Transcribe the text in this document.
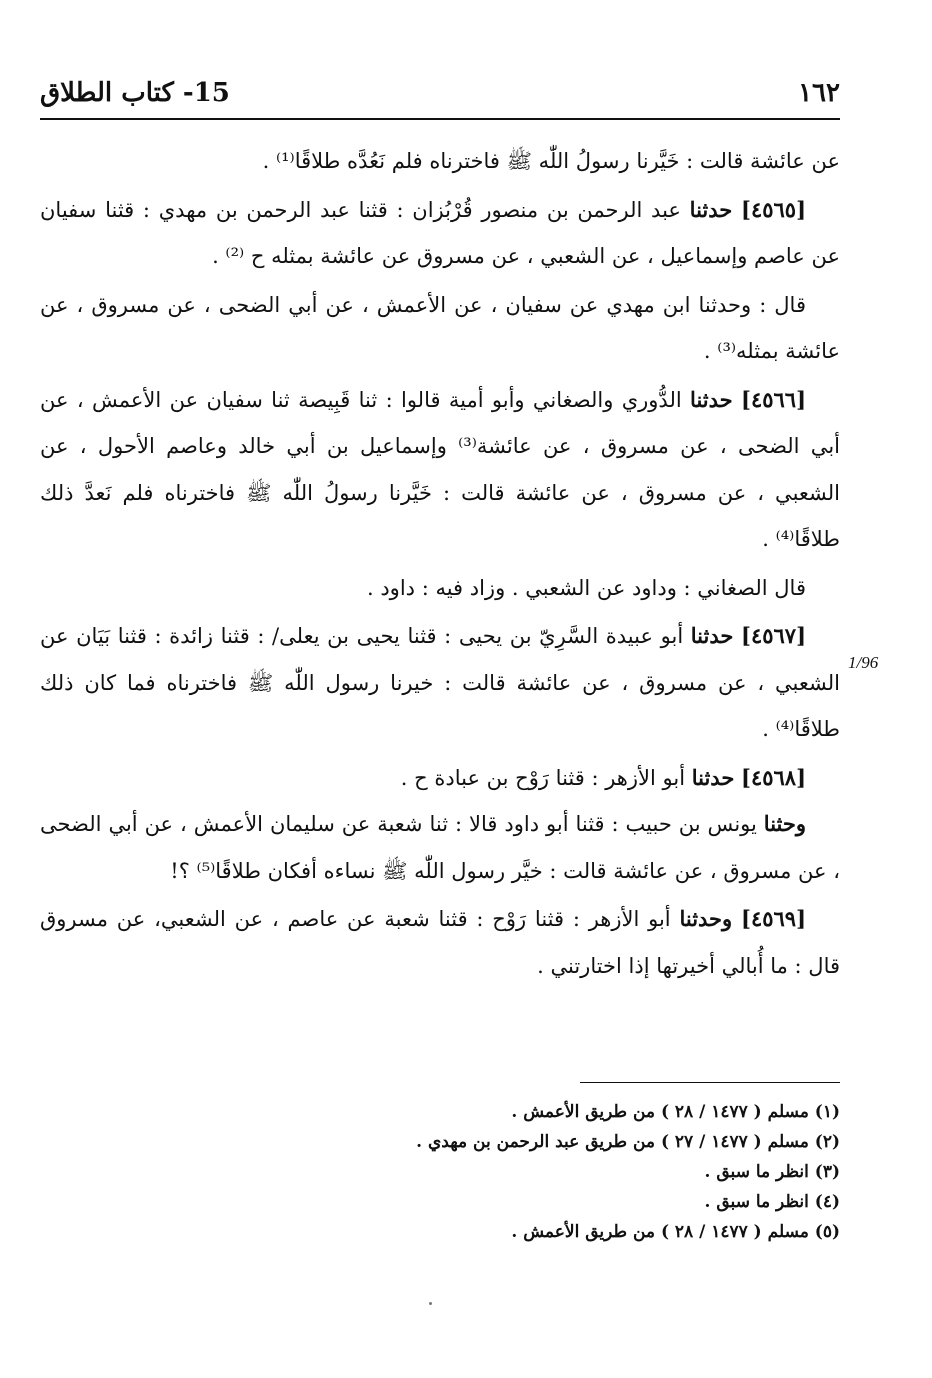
١٦٢
15- كتاب الطلاق
1/96

عن عائشة قالت : خَيَّرنا رسولُ اللّٰه ﷺ فاخترناه فلم نَعُدَّه طلاقًا⁽¹⁾ .

[٤٥٦٥] حدثنا عبد الرحمن بن منصور قُرْبُزان : قثنا عبد الرحمن بن مهدي : قثنا سفيان عن عاصم وإسماعيل ، عن الشعبي ، عن مسروق عن عائشة بمثله ح ⁽²⁾ .

قال : وحدثنا ابن مهدي عن سفيان ، عن الأعمش ، عن أبي الضحى ، عن مسروق ، عن عائشة بمثله⁽³⁾ .

[٤٥٦٦] حدثنا الدُّوري والصغاني وأبو أمية قالوا : ثنا قَبِيصة ثنا سفيان عن الأعمش ، عن أبي الضحى ، عن مسروق ، عن عائشة⁽³⁾ وإسماعيل بن أبي خالد وعاصم الأحول ، عن الشعبي ، عن مسروق ، عن عائشة قالت : خَيَّرنا رسولُ اللّٰه ﷺ فاخترناه فلم نَعدَّ ذلك طلاقًا⁽⁴⁾ .

قال الصغاني : وداود عن الشعبي . وزاد فيه : داود .

[٤٥٦٧] حدثنا أبو عبيدة السَّرِيّ بن يحيى : قثنا يحيى بن يعلى/ : قثنا زائدة : قثنا بَيَان عن الشعبي ، عن مسروق ، عن عائشة قالت : خيرنا رسول اللّٰه ﷺ فاخترناه فما كان ذلك طلاقًا⁽⁴⁾ .

[٤٥٦٨] حدثنا أبو الأزهر : قثنا رَوْح بن عبادة ح .

وحثنا يونس بن حبيب : قثنا أبو داود قالا : ثنا شعبة عن سليمان الأعمش ، عن أبي الضحى ، عن مسروق ، عن عائشة قالت : خيَّر رسول اللّٰه ﷺ نساءه أفكان طلاقًا⁽⁵⁾ ؟!

[٤٥٦٩] وحدثنا أبو الأزهر : قثنا رَوْح : قثنا شعبة عن عاصم ، عن الشعبي، عن مسروق قال : ما أُبالي أخيرتها إذا اختارتني .

(١) مسلم ( ١٤٧٧ / ٢٨ ) من طريق الأعمش .

(٢) مسلم ( ١٤٧٧ / ٢٧ ) من طريق عبد الرحمن بن مهدي .

(٣) انظر ما سبق .

(٤) انظر ما سبق .

(٥) مسلم ( ١٤٧٧ / ٢٨ ) من طريق الأعمش .
